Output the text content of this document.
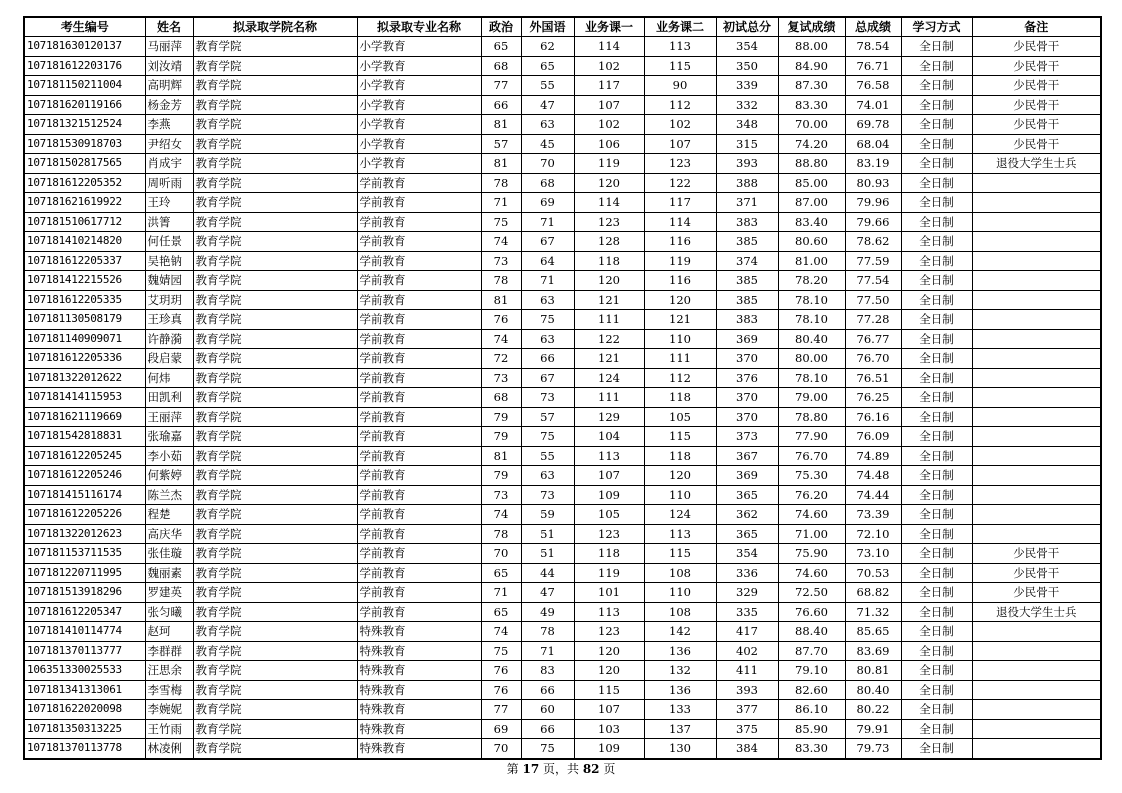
考生编号	姓名	拟录取学院名称	拟录取专业名称	政治	外国语	业务课一	业务课二	初试总分	复试成绩	总成绩	学习方式	备注
107181630120137	马丽萍	教育学院	小学教育	65	62	114	113	354	88.00	78.54	全日制	少民骨干
107181612203176	刘汝靖	教育学院	小学教育	68	65	102	115	350	84.90	76.71	全日制	少民骨干
107181150211004	高明辉	教育学院	小学教育	77	55	117	90	339	87.30	76.58	全日制	少民骨干
107181620119166	杨金芳	教育学院	小学教育	66	47	107	112	332	83.30	74.01	全日制	少民骨干
107181321512524	李燕	教育学院	小学教育	81	63	102	102	348	70.00	69.78	全日制	少民骨干
107181530918703	尹绍女	教育学院	小学教育	57	45	106	107	315	74.20	68.04	全日制	少民骨干
107181502817565	肖成宇	教育学院	小学教育	81	70	119	123	393	88.80	83.19	全日制	退役大学生士兵
107181612205352	周听雨	教育学院	学前教育	78	68	120	122	388	85.00	80.93	全日制	
107181621619922	王玲	教育学院	学前教育	71	69	114	117	371	87.00	79.96	全日制	
107181510617712	洪箐	教育学院	学前教育	75	71	123	114	383	83.40	79.66	全日制	
107181410214820	何任景	教育学院	学前教育	74	67	128	116	385	80.60	78.62	全日制	
107181612205337	吴艳钠	教育学院	学前教育	73	64	118	119	374	81.00	77.59	全日制	
107181412215526	魏婧园	教育学院	学前教育	78	71	120	116	385	78.20	77.54	全日制	
107181612205335	艾玥玥	教育学院	学前教育	81	63	121	120	385	78.10	77.50	全日制	
107181130508179	王珍真	教育学院	学前教育	76	75	111	121	383	78.10	77.28	全日制	
107181140909071	许静漪	教育学院	学前教育	74	63	122	110	369	80.40	76.77	全日制	
107181612205336	段启蒙	教育学院	学前教育	72	66	121	111	370	80.00	76.70	全日制	
107181322012622	何炜	教育学院	学前教育	73	67	124	112	376	78.10	76.51	全日制	
107181414115953	田凯利	教育学院	学前教育	68	73	111	118	370	79.00	76.25	全日制	
107181621119669	王丽萍	教育学院	学前教育	79	57	129	105	370	78.80	76.16	全日制	
107181542818831	张瑜嘉	教育学院	学前教育	79	75	104	115	373	77.90	76.09	全日制	
107181612205245	李小茹	教育学院	学前教育	81	55	113	118	367	76.70	74.89	全日制	
107181612205246	何紫婷	教育学院	学前教育	79	63	107	120	369	75.30	74.48	全日制	
107181415116174	陈兰杰	教育学院	学前教育	73	73	109	110	365	76.20	74.44	全日制	
107181612205226	程楚	教育学院	学前教育	74	59	105	124	362	74.60	73.39	全日制	
107181322012623	高庆华	教育学院	学前教育	78	51	123	113	365	71.00	72.10	全日制	
107181153711535	张佳璇	教育学院	学前教育	70	51	118	115	354	75.90	73.10	全日制	少民骨干
107181220711995	魏丽素	教育学院	学前教育	65	44	119	108	336	74.60	70.53	全日制	少民骨干
107181513918296	罗建英	教育学院	学前教育	71	47	101	110	329	72.50	68.82	全日制	少民骨干
107181612205347	张匀曦	教育学院	学前教育	65	49	113	108	335	76.60	71.32	全日制	退役大学生士兵
107181410114774	赵珂	教育学院	特殊教育	74	78	123	142	417	88.40	85.65	全日制	
107181370113777	李群群	教育学院	特殊教育	75	71	120	136	402	87.70	83.69	全日制	
106351330025533	汪思余	教育学院	特殊教育	76	83	120	132	411	79.10	80.81	全日制	
107181341313061	李雪梅	教育学院	特殊教育	76	66	115	136	393	82.60	80.40	全日制	
107181622020098	李婉妮	教育学院	特殊教育	77	60	107	133	377	86.10	80.22	全日制	
107181350313225	王竹雨	教育学院	特殊教育	69	66	103	137	375	85.90	79.91	全日制	
107181370113778	林凌俐	教育学院	特殊教育	70	75	109	130	384	83.30	79.73	全日制	
第 17 页，共 82 页
